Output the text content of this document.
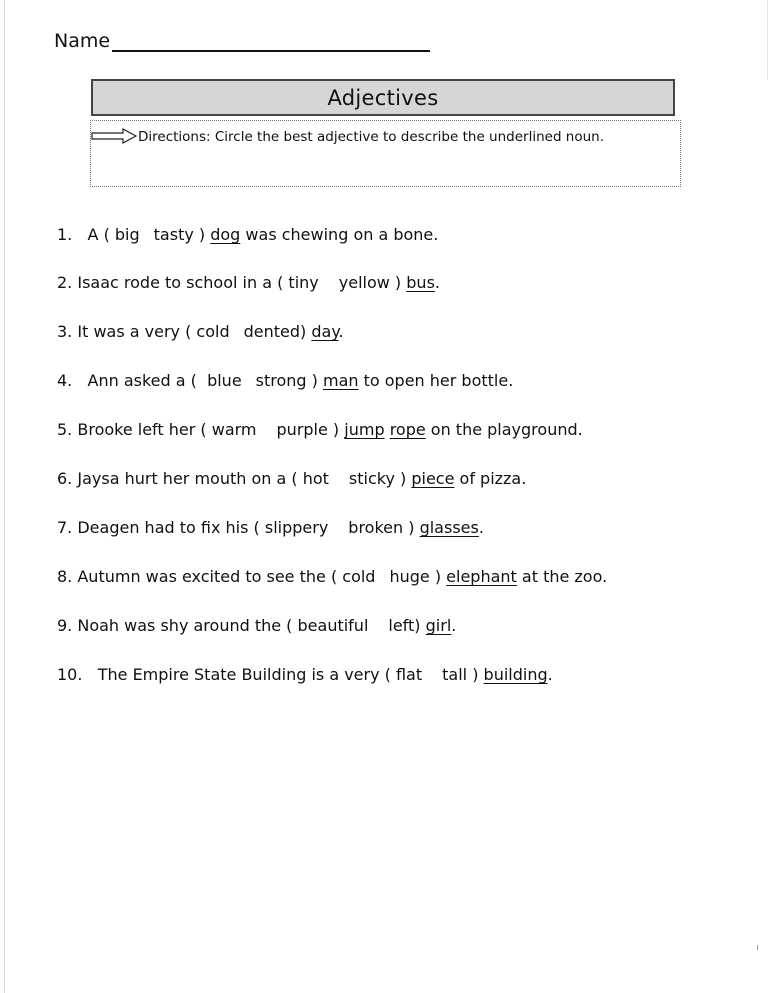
Name
Adjectives
Directions: Circle the best adjective to describe the underlined noun.
1. A ( big tasty ) dog was chewing on a bone.
2. Isaac rode to school in a ( tiny yellow ) bus.
3. It was a very ( cold dented) day.
4. Ann asked a (  blue strong ) man to open her bottle.
5. Brooke left her ( warm purple ) jump rope on the playground.
6. Jaysa hurt her mouth on a ( hot sticky ) piece of pizza.
7. Deagen had to fix his ( slippery broken ) glasses.
8. Autumn was excited to see the ( cold huge ) elephant at the zoo.
9. Noah was shy around the ( beautiful left) girl.
10. The Empire State Building is a very ( flat tall ) building.
